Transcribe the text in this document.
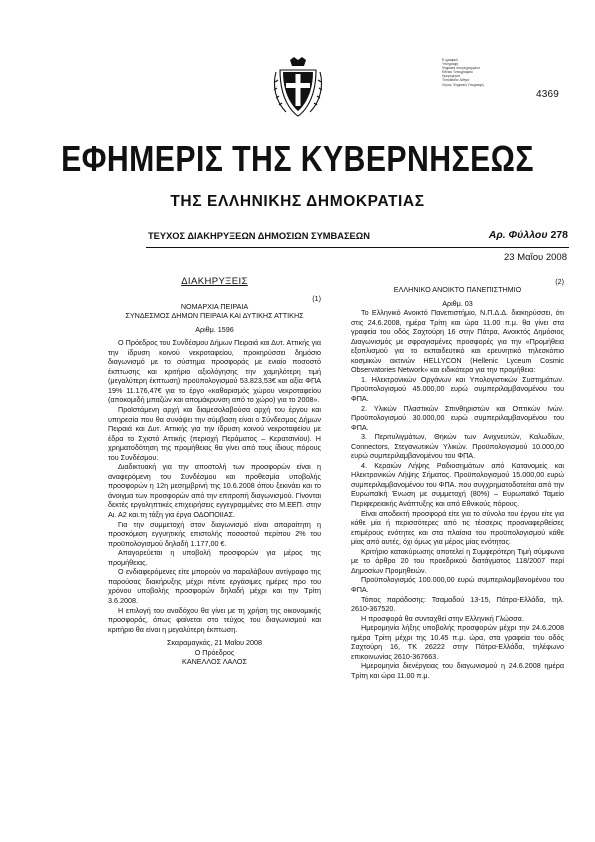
4369
E-γραφικά
Υπογραφή
Ψηφιακά υπογεγραμμένο
Εθνικό Τυπογραφείο
Ημερομηνία
Τοποθεσία: Αθήνα
Λόγος: Ψηφιακή Υπογραφή
ΕΦΗΜΕΡΙΣ ΤΗΣ ΚΥΒΕΡΝΗΣΕΩΣ
ΤΗΣ ΕΛΛΗΝΙΚΗΣ ΔΗΜΟΚΡΑΤΙΑΣ
ΤΕΥΧΟΣ ΔΙΑΚΗΡΥΞΕΩΝ ΔΗΜΟΣΙΩΝ ΣΥΜΒΑΣΕΩΝ	Αρ. Φύλλου 278
23 Μαΐου 2008
ΔΙΑΚΗΡΥΞΕΙΣ
(1)

ΝΟΜΑΡΧΙΑ ΠΕΙΡΑΙΑ

ΣΥΝΔΕΣΜΟΣ ΔΗΜΩΝ ΠΕΙΡΑΙΑ ΚΑΙ ΔΥΤΙΚΗΣ ΑΤΤΙΚΗΣ

Αριθμ. 1596

Ο Πρόεδρος του Συνδέσμου Δήμων Πειραιά και Δυτ. Αττικής για την ίδρυση κοινού νεκροταφείου, προκηρύσσει δημόσιο διαγωνισμό με το σύστημα προσφοράς με ενιαίο ποσοστό έκπτωσης και κριτήριο αξιολόγησης την χαμηλότερη τιμή (μεγαλύτερη έκπτωση) προϋπολογισμού 53.823,53€ και αξία ΦΠΑ 19% 11.176,47€ για το έργο «καθαρισμός χώρου νεκροταφείου (αποκομιδή μπαζών και απομάκρυνση από το χώρο) για το 2008».

Προϊστάμενη αρχή και διαμεσολαβούσα αρχή του έργου και υπηρεσία που θα συνάψει την σύμβαση είναι ο Σύνδεσμος Δήμων Πειραιά και Δυτ. Αττικής για την ίδρυση κοινού νεκροταφείου με έδρα το Σχιστό Αττικής (περιοχή Περάματος – Κερατσινίου). Η χρηματοδότηση της προμήθειας θα γίνει από τους ίδιους πόρους του Συνδέσμου.

Διαδικτυακή για την αποστολή των προσφορών είναι η αναφερόμενη του Συνδέσμου και προθεσμία υποβολής προσφορών η 12η μεσημβρινή της 10.6.2008 όπου ξεκινάει και το άνοιγμα των προσφορών από την επιτροπή διαγωνισμού. Γίνονται δεκτές εργοληπτικές επιχειρήσεις εγγεγραμμένες στο Μ.ΕΕΠ. στην Αι. Α2 και.τη τάξη για έργα ΟΔΟΠΟΙΙΑΣ.

Για την συμμετοχή στον διαγωνισμό είναι απαραίτητη η προσκόμιση εγγυητικής επιστολής ποσοστού περίπου 2% του προϋπολογισμού δηλαδή 1.177,00 €.

Απαγορεύεται η υποβολή προσφορών για μέρος της προμήθειας.

Ο ενδιαφερόμενες είτε μπορούν να παραλάβουν αντίγραφο της παρούσας διακήρυξης μέχρι πέντε εργάσιμες ημέρες προ του χρόνου υποβολής προσφορών δηλαδή μέχρι και την Τρίτη 3.6.2008.

Η επιλογή του αναδόχου θα γίνει με τη χρήση της οικονομικής προσφοράς, όπως φαίνεται στο τεύχος του διαγωνισμού και κριτήριο θα είναι η μεγαλύτερη έκπτωση.

Σκαραμαγκάς, 21 Μαΐου 2008

Ο Πρόεδρος

ΚΑΝΕΛΛΟΣ ΛΑΛΟΣ

(2)

ΕΛΛΗΝΙΚΟ ΑΝΟΙΚΤΟ ΠΑΝΕΠΙΣΤΗΜΙΟ

Αριθμ. 03

Το Ελληνικό Ανοικτό Πανεπιστήμιο, Ν.Π.Δ.Δ. διακηρύσσει, ότι στις 24.6.2008, ημέρα Τρίτη και ώρα 11.00 π.μ. θα γίνει στα γραφεία του οδός Σαχτούρη 16 στην Πάτρα, Ανοικτός Δημόσιος Διαγωνισμός με σφραγισμένες προσφορές για την «Προμήθεια εξοπλισμού για το εκπαιδευτικό και ερευνητικό τηλεσκόπιο κοσμικών ακτινών HELLYCON (Hellenic Lyceum Cosmic Observatories Network» και ειδικότερα για την προμήθεια:

1. Ηλεκτρονικών Οργάνων και Υπολογιστικών Συστημάτων. Προϋπολογισμού 45.000,00 ευρώ συμπεριλαμβανομένου του ΦΠΑ.

2. Υλικών Πλαστικών Σπινθηριστών και Οπτικών Ινών. Προϋπολογισμού 30.000,00 ευρώ συμπεριλαμβανομένου του ΦΠΑ.

3. Περιτυλιγμάτων, Θηκών των Ανιχνευτών, Καλωδίων, Connectors, Στεγανωτικών Υλικών. Προϋπολογισμού 10.000,00 ευρώ συμπεριλαμβανομένου του ΦΠΑ.

4. Κεραιών Λήψης Ραδιοσημάτων από Κατανομείς και Ηλεκτρονικών Λήψης Σήματος. Προϋπολογισμού 15.000,00 ευρώ συμπεριλαμβανομένου του ΦΠΑ. που συγχρηματοδοτείται από την Ευρωπαϊκή Ένωση με συμμετοχή (80%) – Ευρωπαϊκό Ταμείο Περιφερειακής Ανάπτυξης και από Εθνικούς πόρους.

Είναι αποδεκτή προσφορά είτε για το σύνολο του έργου είτε για κάθε μία ή περισσότερες από τις τέσσερις προαναφερθείσες επιμέρους ενότητες και στα πλαίσια του προϋπολογισμού κάθε μίας από αυτές, όχι όμως για μέρος μίας ενότητας.

Κριτήριο κατακύρωσης αποτελεί η Συμφερότερη Τιμή σύμφωνα με το άρθρο 20 του προεδρικού διατάγματος 118/2007 περί Δημοσίων Προμηθειών.

Προϋπολογισμός 100.000,00 ευρώ συμπεριλαμβανομένου του ΦΠΑ.

Τόπος παράδοσης: Τσαμαδού 13-15, Πάτρα-Ελλάδα, τηλ. 2610-367520.

Η προσφορά θα συνταχθεί στην Ελληνική Γλώσσα.

Ημερομηνία λήξης υποβολής προσφορών μέχρι την 24.6.2008 ημέρα Τρίτη μέχρι της 10.45 π.μ. ώρα, στα γραφεία του οδός Σαχτούρη 16, ΤΚ 26222 στην Πάτρα-Ελλάδα, τηλέφωνο επικοινωνίας 2610-367663.

Ημερομηνία διενέργειας του διαγωνισμού η 24.6.2008 ημέρα Τρίτη και ώρα 11.00 π.μ.
